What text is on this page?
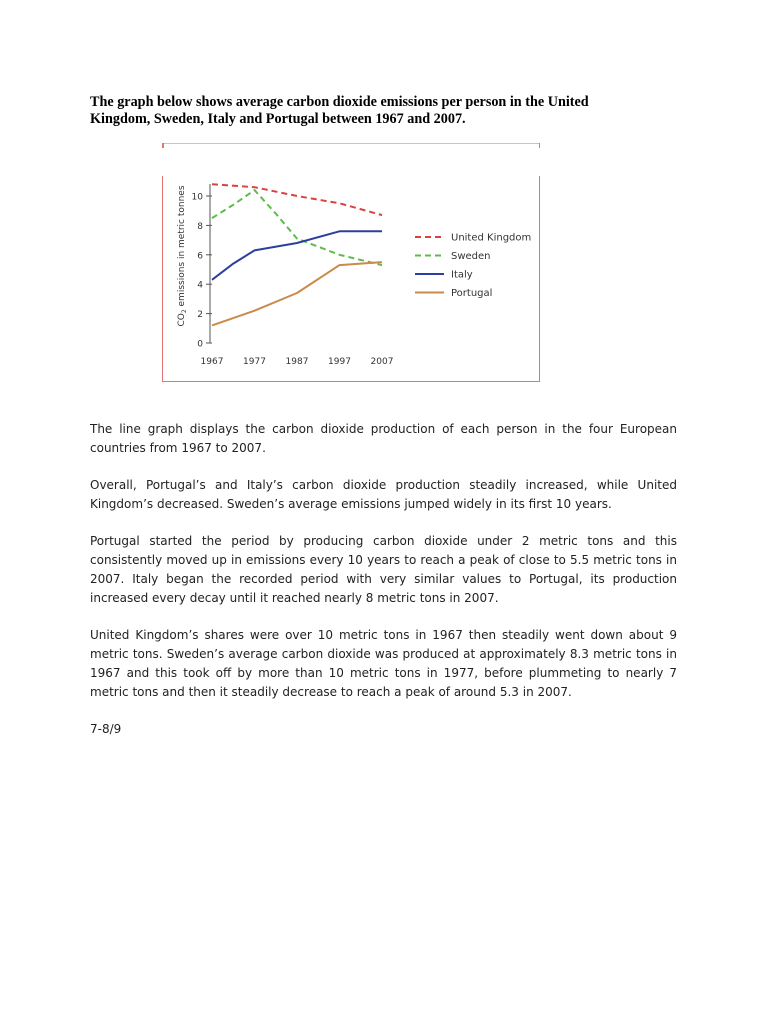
The graph below shows average carbon dioxide emissions per person in the United Kingdom, Sweden, Italy and Portugal between 1967 and 2007.
0
2
4
6
8
10
1967 1977 1987 1997 2007
$CO_2$ emissions in metric tonnes	United Kingdom
Sweden
Italy
Portugal

The line graph displays the carbon dioxide production of each person in the four European countries from 1967 to 2007.

Overall, Portugal’s and Italy’s carbon dioxide production steadily increased, while United Kingdom’s decreased. Sweden’s average emissions jumped widely in its first 10 years.

Portugal started the period by producing carbon dioxide under 2 metric tons and this consistently moved up in emissions every 10 years to reach a peak of close to 5.5 metric tons in 2007. Italy began the recorded period with very similar values to Portugal, its production increased every decay until it reached nearly 8 metric tons in 2007.

United Kingdom’s shares were over 10 metric tons in 1967 then steadily went down about 9 metric tons. Sweden’s average carbon dioxide was produced at approximately 8.3 metric tons in 1967 and this took off by more than 10 metric tons in 1977, before plummeting to nearly 7 metric tons and then it steadily decrease to reach a peak of around 5.3 in 2007.

7-8/9
